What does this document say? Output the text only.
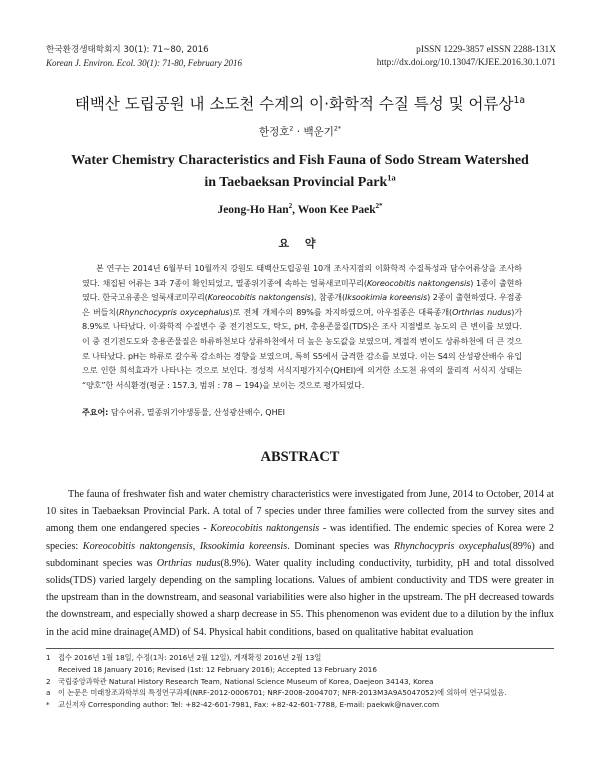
한국환경생태학회지 30(1): 71~80, 2016
Korean J. Environ. Ecol. 30(1): 71-80, February 2016
pISSN 1229-3857 eISSN 2288-131X
http://dx.doi.org/10.13047/KJEE.2016.30.1.071
태백산 도립공원 내 소도천 수계의 이·화학적 수질 특성 및 어류상$^{1a}$
한정호$^2$ · 백운기$^{2*}$
Water Chemistry Characteristics and Fish Fauna of Sodo Stream Watershed
in Taebaeksan Provincial Park$^{1a}$
Jeong-Ho Han$^2$, Woon Kee Paek$^{2*}$
요 약

본 연구는 2014년 6월부터 10월까지 강원도 태백산도립공원 10개 조사지점의 이화학적 수질특성과 담수어류상을 조사하였다. 채집된 어류는 3과 7종이 확인되었고, 멸종위기종에 속하는 얼룩새코미꾸리(Koreocobitis naktongensis) 1종이 출현하였다. 한국고유종은 얼룩새코미꾸리(Koreocobitis naktongensis), 참종개(Iksookimia koreensis) 2종이 출현하였다. 우점종은 버들치(Rhynchocypris oxycephalus)로 전체 개체수의 89%를 차지하였으며, 아우점종은 대륙종개(Orthrias nudus)가 8.9%로 나타났다. 이·화학적 수질변수 중 전기전도도, 탁도, pH, 총용존물질(TDS)은 조사 지점별로 농도의 큰 변이를 보였다. 이 중 전기전도도와 총용존물질은 하류하천보다 상류하천에서 더 높은 농도값을 보였으며, 계절적 변이도 상류하천에 더 큰 것으로 나타났다. pH는 하류로 갈수록 감소하는 경향을 보였으며, 특히 S5에서 급격한 감소를 보였다. 이는 S4의 산성광산배수 유입으로 인한 희석효과가 나타나는 것으로 보인다. 정성적 서식지평가지수(QHEI)에 의거한 소도천 유역의 물리적 서식지 상태는 “양호”한 서식환경(평균 : 157.3, 범위 : 78 ~ 194)을 보이는 것으로 평가되었다.

주요어: 담수어류, 멸종위기야생동물, 산성광산배수, QHEI
ABSTRACT

The fauna of freshwater fish and water chemistry characteristics were investigated from June, 2014 to October, 2014 at 10 sites in Taebaeksan Provincial Park. A total of 7 species under three families were collected from the survey sites and among them one endangered species - Koreocobitis naktongensis - was identified. The endemic species of Korea were 2 species: Koreocobitis naktongensis, Iksookimia koreensis. Dominant species was Rhynchocypris oxycephalus(89%) and subdominant species was Orthrias nudus(8.9%). Water quality including conductivity, turbidity, pH and total dissolved solids(TDS) varied largely depending on the sampling locations. Values of ambient conductivity and TDS were greater in the upstream than in the downstream, and seasonal variabilities were also higher in the upstream. The pH decreased towards the downstream, and especially showed a sharp decrease in S5. This phenomenon was evident due to a dilution by the influx in the acid mine drainage(AMD) of S4. Physical habit conditions, based on qualitative habitat evaluation

1	접수 2016년 1월 18일, 수정(1차: 2016년 2월 12일), 게재확정 2016년 2월 13일
Received 18 January 2016; Revised (1st: 12 February 2016); Accepted 13 February 2016
2	국립중앙과학관 Natural History Research Team, National Science Museum of Korea, Daejeon 34143, Korea
a	이 논문은 미래창조과학부의 특정연구과제(NRF-2012-0006701; NRF-2008-2004707; NFR-2013M3A9A5047052)에 의하여 연구되었음.
*	교신저자 Corresponding author: Tel: +82-42-601-7981, Fax: +82-42-601-7788, E-mail: paekwk@naver.com
